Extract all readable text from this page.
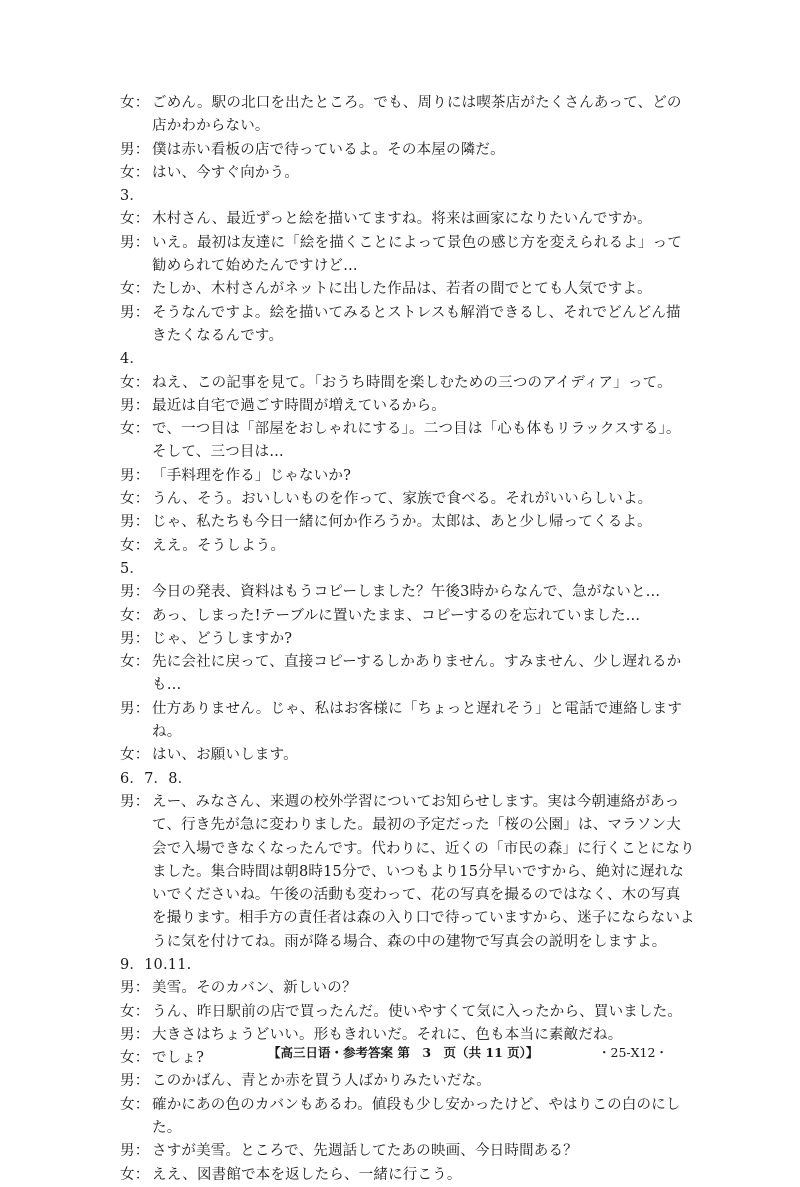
女： ごめん。駅の北口を出たところ。でも、周りには喫茶店がたくさんあって、どの店かわからない。
男： 僕は赤い看板の店で待っているよ。その本屋の隣だ。
女： はい、今すぐ向かう。
3．
女： 木村さん、最近ずっと絵を描いてますね。将来は画家になりたいんですか。
男： いえ。最初は友達に「絵を描くことによって景色の感じ方を変えられるよ」って勧められて始めたんですけど…
女： たしか、木村さんがネットに出した作品は、若者の間でとても人気ですよ。
男： そうなんですよ。絵を描いてみるとストレスも解消できるし、それでどんどん描きたくなるんです。
4．
女： ねえ、この記事を見て。「おうち時間を楽しむための三つのアイディア」って。
男： 最近は自宅で過ごす時間が増えているから。
女： で、一つ目は「部屋をおしゃれにする」。二つ目は「心も体もリラックスする」。そして、三つ目は…
男： 「手料理を作る」じゃないか?
女： うん、そう。おいしいものを作って、家族で食べる。それがいいらしいよ。
男： じゃ、私たちも今日一緒に何か作ろうか。太郎は、あと少し帰ってくるよ。
女： ええ。そうしよう。
5．
男： 今日の発表、資料はもうコピーしました？午後3時からなんで、急がないと…
女： あっ、しまった!テーブルに置いたまま、コピーするのを忘れていました…
男： じゃ、どうしますか?
女： 先に会社に戻って、直接コピーするしかありません。すみません、少し遅れるかも…
男： 仕方ありません。じゃ、私はお客様に「ちょっと遅れそう」と電話で連絡しますね。
女： はい、お願いします。
6．7．8．
男： えー、みなさん、来週の校外学習についてお知らせします。実は今朝連絡があって、行き先が急に変わりました。最初の予定だった「桜の公園」は、マラソン大会で入場できなくなったんです。代わりに、近くの「市民の森」に行くことになりました。集合時間は朝8時15分で、いつもより15分早いですから、絶対に遅れないでくださいね。午後の活動も変わって、花の写真を撮るのではなく、木の写真を撮ります。相手方の責任者は森の入り口で待っていますから、迷子にならないように気を付けてね。雨が降る場合、森の中の建物で写真会の説明をしますよ。
9．10.11.
男： 美雪。そのカバン、新しいの？
女： うん、昨日駅前の店で買ったんだ。使いやすくて気に入ったから、買いました。
男： 大きさはちょうどいい。形もきれいだ。それに、色も本当に素敵だね。
女： でしょ?
男： このかばん、青とか赤を買う人ばかりみたいだな。
女： 確かにあの色のカバンもあるわ。値段も少し安かったけど、やはりこの白のにした。
男： さすが美雪。ところで、先週話してたあの映画、今日時間ある？
女： ええ、図書館で本を返したら、一緒に行こう。
【高三日语・参考答案 第　3　页（共 11 页）】	・25-X12・
